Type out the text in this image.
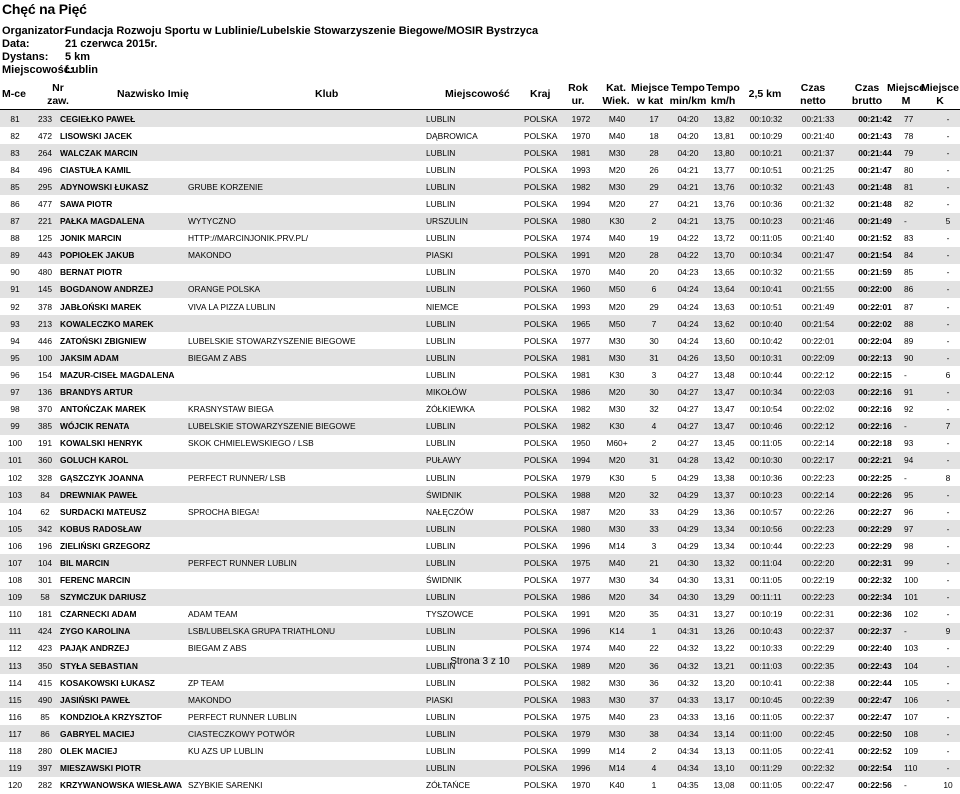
Chęć na Pięć
Organizator:
Fundacja Rozwoju Sportu w Lublinie/Lubelskie Stowarzyszenie Biegowe/MOSIR Bystrzyca
Data:	21 czerwca 2015r.
Dystans: 5 km
Miejscowość:
Lublin
M-ce	Nr
zaw.
Nazwisko Imię	Klub	Miejscowość Kraj	Rok
ur.
Kat.
Wiek.
Miejsce
w kat
Tempo
min/km
Tempo
km/h
2,5 km	Czas
netto
Czas
brutto
Miejsce
M
Miejsce
K
81	233	CEGIEŁKO PAWEŁ		LUBLIN	POLSKA	1972	M40	17	04:20	13,82	00:10:32	00:21:33	00:21:42	77	-
82	472	LISOWSKI JACEK		DĄBROWICA	POLSKA	1970	M40	18	04:20	13,81	00:10:29	00:21:40	00:21:43	78	-
83	264	WALCZAK MARCIN		LUBLIN	POLSKA	1981	M30	28	04:20	13,80	00:10:21	00:21:37	00:21:44	79	-
84	496	CIASTUŁA KAMIL		LUBLIN	POLSKA	1993	M20	26	04:21	13,77	00:10:51	00:21:25	00:21:47	80	-
85	295	ADYNOWSKI ŁUKASZ	GRUBE KORZENIE	LUBLIN	POLSKA	1982	M30	29	04:21	13,76	00:10:32	00:21:43	00:21:48	81	-
86	477	SAWA PIOTR		LUBLIN	POLSKA	1994	M20	27	04:21	13,76	00:10:36	00:21:32	00:21:48	82	-
87	221	PAŁKA MAGDALENA	WYTYCZNO	URSZULIN	POLSKA	1980	K30	2	04:21	13,75	00:10:23	00:21:46	00:21:49	-	5
88	125	JONIK MARCIN	HTTP://MARCINJONIK.PRV.PL/	LUBLIN	POLSKA	1974	M40	19	04:22	13,72	00:11:05	00:21:40	00:21:52	83	-
89	443	POPIOŁEK JAKUB	MAKONDO	PIASKI	POLSKA	1991	M20	28	04:22	13,70	00:10:34	00:21:47	00:21:54	84	-
90	480	BERNAT PIOTR		LUBLIN	POLSKA	1970	M40	20	04:23	13,65	00:10:32	00:21:55	00:21:59	85	-
91	145	BOGDANOW ANDRZEJ	ORANGE POLSKA	LUBLIN	POLSKA	1960	M50	6	04:24	13,64	00:10:41	00:21:55	00:22:00	86	-
92	378	JABŁOŃSKI MAREK	VIVA LA PIZZA LUBLIN	NIEMCE	POLSKA	1993	M20	29	04:24	13,63	00:10:51	00:21:49	00:22:01	87	-
93	213	KOWALECZKO MAREK		LUBLIN	POLSKA	1965	M50	7	04:24	13,62	00:10:40	00:21:54	00:22:02	88	-
94	446	ZATOŃSKI ZBIGNIEW	LUBELSKIE STOWARZYSZENIE BIEGOWE	LUBLIN	POLSKA	1977	M30	30	04:24	13,60	00:10:42	00:22:01	00:22:04	89	-
95	100	JAKSIM ADAM	BIEGAM Z ABS	LUBLIN	POLSKA	1981	M30	31	04:26	13,50	00:10:31	00:22:09	00:22:13	90	-
96	154	MAZUR-CISEŁ MAGDALENA		LUBLIN	POLSKA	1981	K30	3	04:27	13,48	00:10:44	00:22:12	00:22:15	-	6
97	136	BRANDYS ARTUR		MIKOŁÓW	POLSKA	1986	M20	30	04:27	13,47	00:10:34	00:22:03	00:22:16	91	-
98	370	ANTOŃCZAK MAREK	KRASNYSTAW BIEGA	ŻÓŁKIEWKA	POLSKA	1982	M30	32	04:27	13,47	00:10:54	00:22:02	00:22:16	92	-
99	385	WÓJCIK RENATA	LUBELSKIE STOWARZYSZENIE BIEGOWE	LUBLIN	POLSKA	1982	K30	4	04:27	13,47	00:10:46	00:22:12	00:22:16	-	7
100	191	KOWALSKI HENRYK	SKOK CHMIELEWSKIEGO / LSB	LUBLIN	POLSKA	1950	M60+	2	04:27	13,45	00:11:05	00:22:14	00:22:18	93	-
101	360	GOLUCH KAROL		PUŁAWY	POLSKA	1994	M20	31	04:28	13,42	00:10:30	00:22:17	00:22:21	94	-
102	328	GĄSZCZYK JOANNA	PERFECT RUNNER/ LSB	LUBLIN	POLSKA	1979	K30	5	04:29	13,38	00:10:36	00:22:23	00:22:25	-	8
103	84	DREWNIAK PAWEŁ		ŚWIDNIK	POLSKA	1988	M20	32	04:29	13,37	00:10:23	00:22:14	00:22:26	95	-
104	62	SURDACKI MATEUSZ	SPROCHA BIEGA!	NAŁĘCZÓW	POLSKA	1987	M20	33	04:29	13,36	00:10:57	00:22:26	00:22:27	96	-
105	342	KOBUS RADOSŁAW		LUBLIN	POLSKA	1980	M30	33	04:29	13,34	00:10:56	00:22:23	00:22:29	97	-
106	196	ZIELIŃSKI GRZEGORZ		LUBLIN	POLSKA	1996	M14	3	04:29	13,34	00:10:44	00:22:23	00:22:29	98	-
107	104	BIL MARCIN	PERFECT RUNNER LUBLIN	LUBLIN	POLSKA	1975	M40	21	04:30	13,32	00:11:04	00:22:20	00:22:31	99	-
108	301	FERENC MARCIN		ŚWIDNIK	POLSKA	1977	M30	34	04:30	13,31	00:11:05	00:22:19	00:22:32	100	-
109	58	SZYMCZUK DARIUSZ		LUBLIN	POLSKA	1986	M20	34	04:30	13,29	00:11:11	00:22:23	00:22:34	101	-
110	181	CZARNECKI ADAM	ADAM TEAM	TYSZOWCE	POLSKA	1991	M20	35	04:31	13,27	00:10:19	00:22:31	00:22:36	102	-
111	424	ZYGO KAROLINA	LSB/LUBELSKA GRUPA TRIATHLONU	LUBLIN	POLSKA	1996	K14	1	04:31	13,26	00:10:43	00:22:37	00:22:37	-	9
112	423	PAJĄK ANDRZEJ	BIEGAM Z ABS	LUBLIN	POLSKA	1974	M40	22	04:32	13,22	00:10:33	00:22:29	00:22:40	103	-
113	350	STYŁA SEBASTIAN		LUBLIN	POLSKA	1989	M20	36	04:32	13,21	00:11:03	00:22:35	00:22:43	104	-
114	415	KOSAKOWSKI ŁUKASZ	ZP TEAM	LUBLIN	POLSKA	1982	M30	36	04:32	13,20	00:10:41	00:22:38	00:22:44	105	-
115	490	JASIŃSKI PAWEŁ	MAKONDO	PIASKI	POLSKA	1983	M30	37	04:33	13,17	00:10:45	00:22:39	00:22:47	106	-
116	85	KONDZIOŁA KRZYSZTOF	PERFECT RUNNER LUBLIN	LUBLIN	POLSKA	1975	M40	23	04:33	13,16	00:11:05	00:22:37	00:22:47	107	-
117	86	GABRYEL MACIEJ	CIASTECZKOWY POTWÓR	LUBLIN	POLSKA	1979	M30	38	04:34	13,14	00:11:00	00:22:45	00:22:50	108	-
118	280	OLEK MACIEJ	KU AZS UP LUBLIN	LUBLIN	POLSKA	1999	M14	2	04:34	13,13	00:11:05	00:22:41	00:22:52	109	-
119	397	MIESZAWSKI PIOTR		LUBLIN	POLSKA	1996	M14	4	04:34	13,10	00:11:29	00:22:32	00:22:54	110	-
120	282	KRZYWANOWSKA WIESŁAWA	SZYBKIE SARENKI	ZÓŁTAŃCE	POLSKA	1970	K40	1	04:35	13,08	00:11:05	00:22:47	00:22:56	-	10
Strona 3 z 10
